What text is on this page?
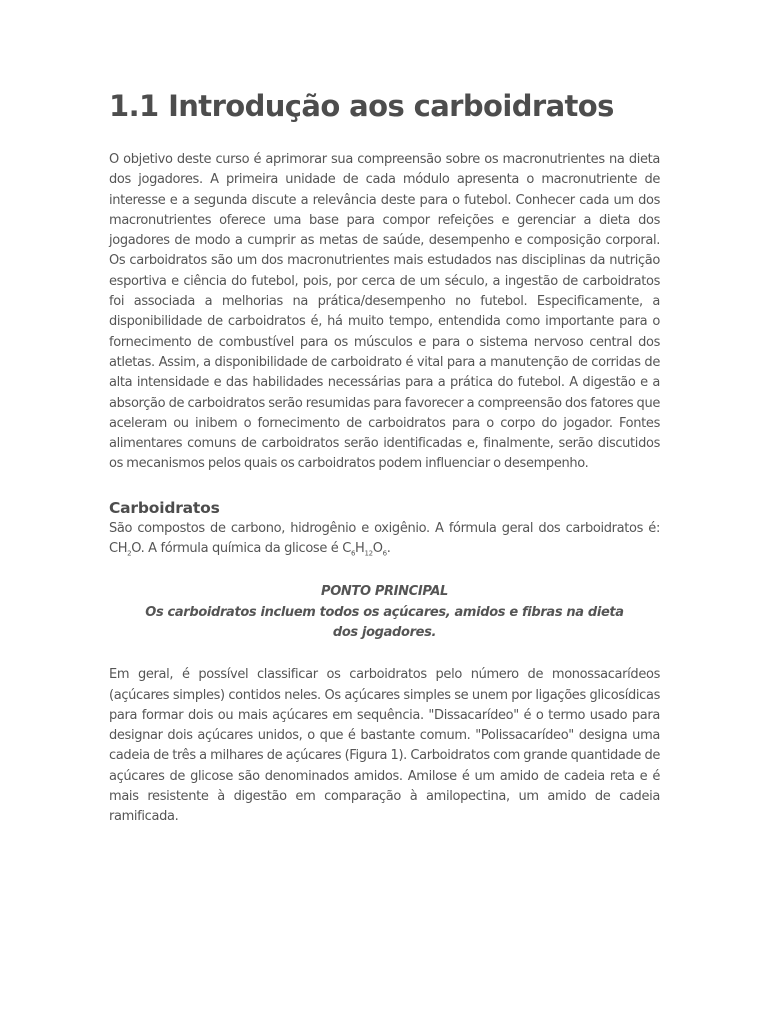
1.1 Introdução aos carboidratos

O objetivo deste curso é aprimorar sua compreensão sobre os macronutrientes na dieta dos jogadores. A primeira unidade de cada módulo apresenta o macronutriente de interesse e a segunda discute a relevância deste para o futebol. Conhecer cada um dos macronutrientes oferece uma base para compor refeições e gerenciar a dieta dos jogadores de modo a cumprir as metas de saúde, desempenho e composição corporal. Os carboidratos são um dos macronutrientes mais estudados nas disciplinas da nutrição esportiva e ciência do futebol, pois, por cerca de um século, a ingestão de carboidratos foi associada a melhorias na prática/desempenho no futebol. Especificamente, a disponibilidade de carboidratos é, há muito tempo, entendida como importante para o fornecimento de combustível para os músculos e para o sistema nervoso central dos atletas. Assim, a disponibilidade de carboidrato é vital para a manutenção de corridas de alta intensidade e das habilidades necessárias para a prática do futebol. A digestão e a absorção de carboidratos serão resumidas para favorecer a compreensão dos fatores que aceleram ou inibem o fornecimento de carboidratos para o corpo do jogador. Fontes alimentares comuns de carboidratos serão identificadas e, finalmente, serão discutidos os mecanismos pelos quais os carboidratos podem influenciar o desempenho.

Carboidratos

São compostos de carbono, hidrogênio e oxigênio. A fórmula geral dos carboidratos é: $CH_2O$. A fórmula química da glicose é $C_6H_{12}O_6$.

PONTO PRINCIPAL
Os carboidratos incluem todos os açúcares, amidos e fibras na dieta dos jogadores.

Em geral, é possível classificar os carboidratos pelo número de monossacarídeos (açúcares simples) contidos neles. Os açúcares simples se unem por ligações glicosídicas para formar dois ou mais açúcares em sequência. "Dissacarídeo" é o termo usado para designar dois açúcares unidos, o que é bastante comum. "Polissacarídeo" designa uma cadeia de três a milhares de açúcares (Figura 1). Carboidratos com grande quantidade de açúcares de glicose são denominados amidos. Amilose é um amido de cadeia reta e é mais resistente à digestão em comparação à amilopectina, um amido de cadeia ramificada.
